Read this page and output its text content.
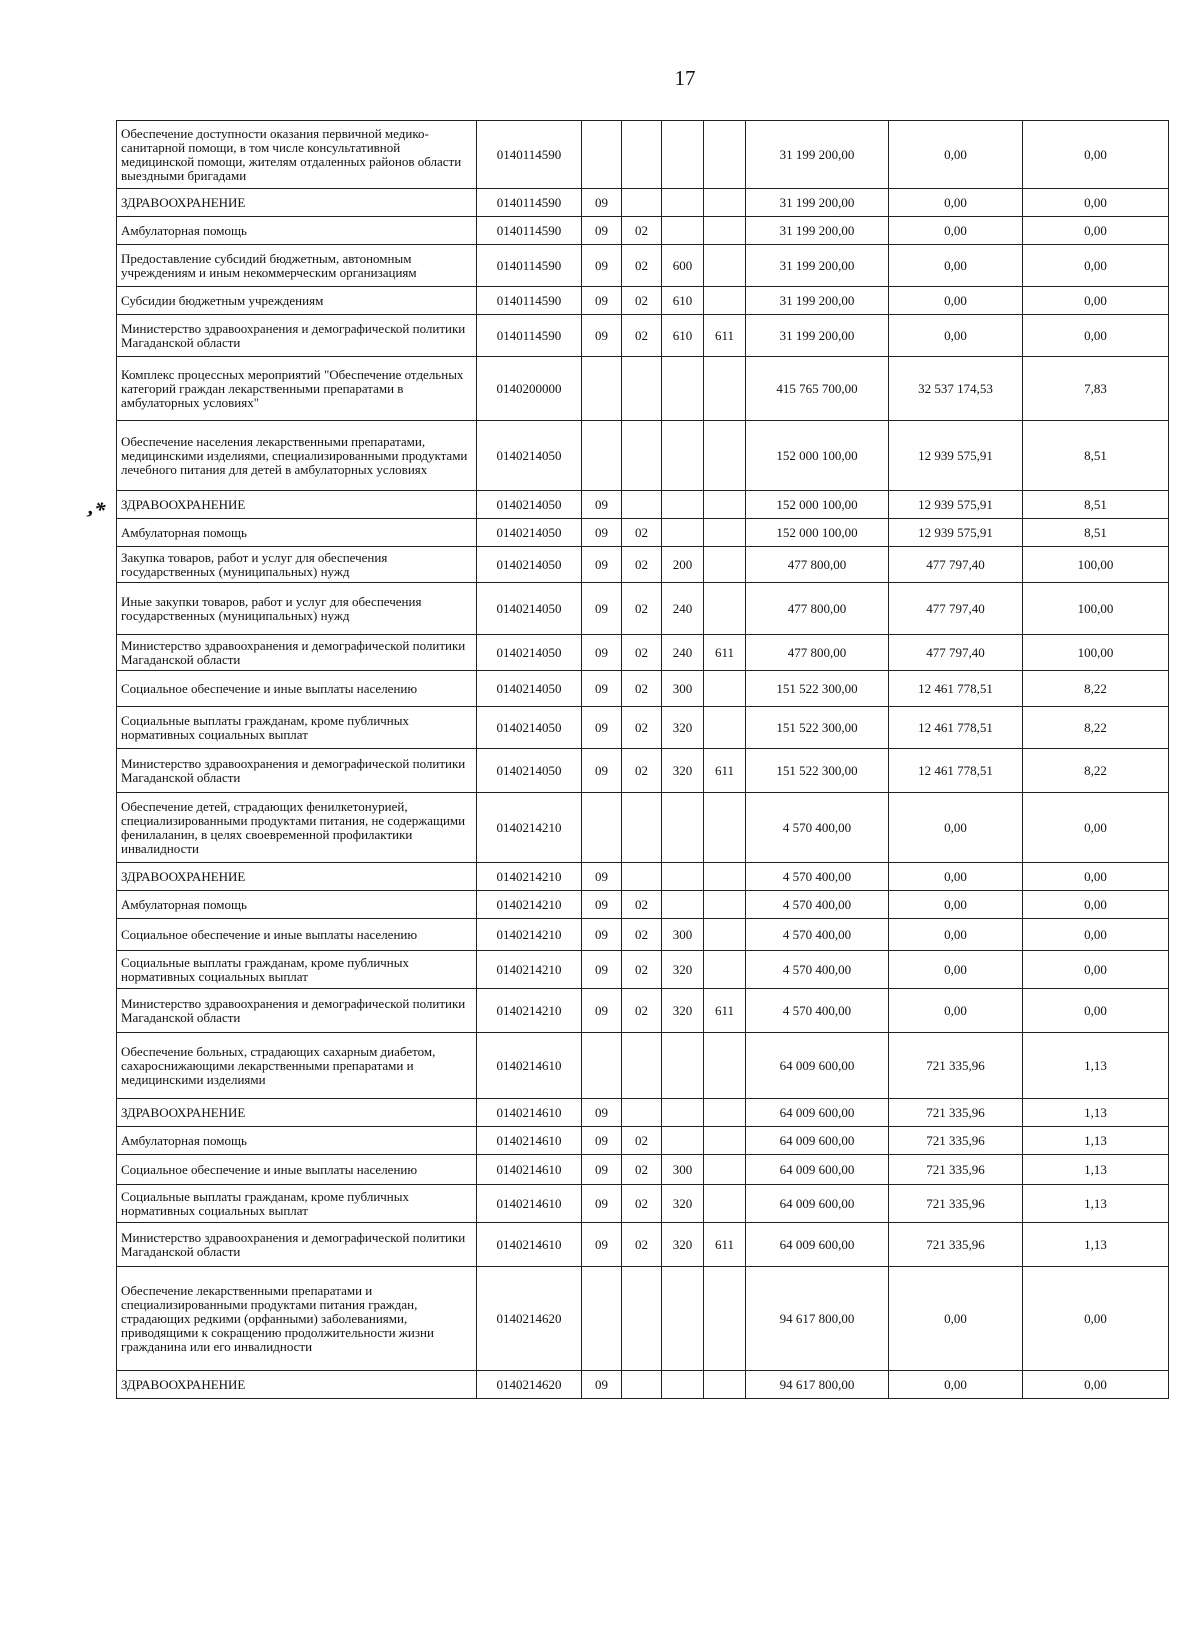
17
,*
Обеспечение доступности оказания первичной медико-санитарной помощи, в том числе консультативной медицинской помощи, жителям отдаленных районов области выездными бригадами	0140114590					31 199 200,00	0,00	0,00
ЗДРАВООХРАНЕНИЕ	0140114590	09				31 199 200,00	0,00	0,00
Амбулаторная помощь	0140114590	09	02			31 199 200,00	0,00	0,00
Предоставление субсидий бюджетным, автономным учреждениям и иным некоммерческим организациям	0140114590	09	02	600		31 199 200,00	0,00	0,00
Субсидии бюджетным учреждениям	0140114590	09	02	610		31 199 200,00	0,00	0,00
Министерство здравоохранения и демографической политики Магаданской области	0140114590	09	02	610	611	31 199 200,00	0,00	0,00
Комплекс процессных мероприятий "Обеспечение отдельных категорий граждан лекарственными препаратами в амбулаторных условиях"	0140200000					415 765 700,00	32 537 174,53	7,83
Обеспечение населения лекарственными препаратами, медицинскими изделиями, специализированными продуктами лечебного питания для детей в амбулаторных условиях	0140214050					152 000 100,00	12 939 575,91	8,51
ЗДРАВООХРАНЕНИЕ	0140214050	09				152 000 100,00	12 939 575,91	8,51
Амбулаторная помощь	0140214050	09	02			152 000 100,00	12 939 575,91	8,51
Закупка товаров, работ и услуг для обеспечения государственных (муниципальных) нужд	0140214050	09	02	200		477 800,00	477 797,40	100,00
Иные закупки товаров, работ и услуг для обеспечения государственных (муниципальных) нужд	0140214050	09	02	240		477 800,00	477 797,40	100,00
Министерство здравоохранения и демографической политики Магаданской области	0140214050	09	02	240	611	477 800,00	477 797,40	100,00
Социальное обеспечение и иные выплаты населению	0140214050	09	02	300		151 522 300,00	12 461 778,51	8,22
Социальные выплаты гражданам, кроме публичных нормативных социальных выплат	0140214050	09	02	320		151 522 300,00	12 461 778,51	8,22
Министерство здравоохранения и демографической политики Магаданской области	0140214050	09	02	320	611	151 522 300,00	12 461 778,51	8,22
Обеспечение детей, страдающих фенилкетонурией, специализированными продуктами питания, не содержащими фенилаланин, в целях своевременной профилактики инвалидности	0140214210					4 570 400,00	0,00	0,00
ЗДРАВООХРАНЕНИЕ	0140214210	09				4 570 400,00	0,00	0,00
Амбулаторная помощь	0140214210	09	02			4 570 400,00	0,00	0,00
Социальное обеспечение и иные выплаты населению	0140214210	09	02	300		4 570 400,00	0,00	0,00
Социальные выплаты гражданам, кроме публичных нормативных социальных выплат	0140214210	09	02	320		4 570 400,00	0,00	0,00
Министерство здравоохранения и демографической политики Магаданской области	0140214210	09	02	320	611	4 570 400,00	0,00	0,00
Обеспечение больных, страдающих сахарным диабетом, сахароснижающими лекарственными препаратами и медицинскими изделиями	0140214610					64 009 600,00	721 335,96	1,13
ЗДРАВООХРАНЕНИЕ	0140214610	09				64 009 600,00	721 335,96	1,13
Амбулаторная помощь	0140214610	09	02			64 009 600,00	721 335,96	1,13
Социальное обеспечение и иные выплаты населению	0140214610	09	02	300		64 009 600,00	721 335,96	1,13
Социальные выплаты гражданам, кроме публичных нормативных социальных выплат	0140214610	09	02	320		64 009 600,00	721 335,96	1,13
Министерство здравоохранения и демографической политики Магаданской области	0140214610	09	02	320	611	64 009 600,00	721 335,96	1,13
Обеспечение лекарственными препаратами и специализированными продуктами питания граждан, страдающих редкими (орфанными) заболеваниями, приводящими к сокращению продолжительности жизни гражданина или его инвалидности	0140214620					94 617 800,00	0,00	0,00
ЗДРАВООХРАНЕНИЕ	0140214620	09				94 617 800,00	0,00	0,00
